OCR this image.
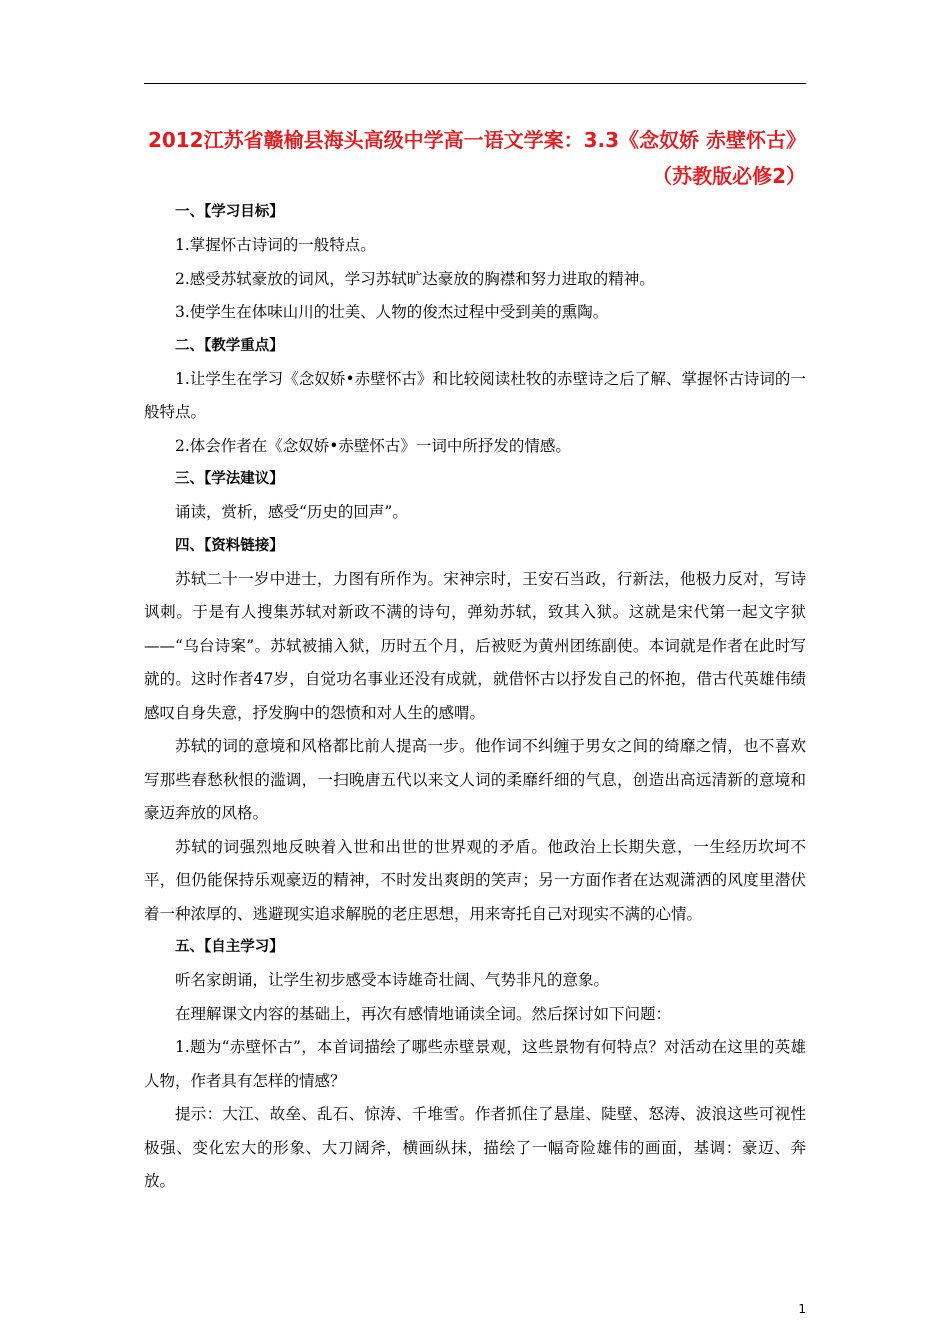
2012江苏省赣榆县海头高级中学高一语文学案：3.3《念奴娇 赤壁怀古》（苏教版必修2）

一、【学习目标】

1.掌握怀古诗词的一般特点。

2.感受苏轼豪放的词风，学习苏轼旷达豪放的胸襟和努力进取的精神。

3.使学生在体味山川的壮美、人物的俊杰过程中受到美的熏陶。

二、【教学重点】

1.让学生在学习《念奴娇•赤壁怀古》和比较阅读杜牧的赤壁诗之后了解、掌握怀古诗词的一般特点。

2.体会作者在《念奴娇•赤壁怀古》一词中所抒发的情感。

三、【学法建议】

诵读，赏析，感受“历史的回声”。

四、【资料链接】

苏轼二十一岁中进士，力图有所作为。宋神宗时，王安石当政，行新法，他极力反对，写诗讽刺。于是有人搜集苏轼对新政不满的诗句，弹劾苏轼，致其入狱。这就是宋代第一起文字狱——“乌台诗案”。苏轼被捕入狱，历时五个月，后被贬为黄州团练副使。本词就是作者在此时写就的。这时作者47岁，自觉功名事业还没有成就，就借怀古以抒发自己的怀抱，借古代英雄伟绩感叹自身失意，抒发胸中的怨愤和对人生的感喟。

苏轼的词的意境和风格都比前人提高一步。他作词不纠缠于男女之间的绮靡之情，也不喜欢写那些春愁秋恨的滥调，一扫晚唐五代以来文人词的柔靡纤细的气息，创造出高远清新的意境和豪迈奔放的风格。

苏轼的词强烈地反映着入世和出世的世界观的矛盾。他政治上长期失意，一生经历坎坷不平，但仍能保持乐观豪迈的精神，不时发出爽朗的笑声；另一方面作者在达观潇洒的风度里潜伏着一种浓厚的、逃避现实追求解脱的老庄思想，用来寄托自己对现实不满的心情。

五、【自主学习】

听名家朗诵，让学生初步感受本诗雄奇壮阔、气势非凡的意象。

在理解课文内容的基础上，再次有感情地诵读全词。然后探讨如下问题：

1.题为“赤壁怀古”，本首词描绘了哪些赤壁景观，这些景物有何特点？对活动在这里的英雄人物，作者具有怎样的情感？

提示：大江、故垒、乱石、惊涛、千堆雪。作者抓住了悬崖、陡壁、怒涛、波浪这些可视性极强、变化宏大的形象、大刀阔斧，横画纵抹，描绘了一幅奇险雄伟的画面，基调：豪迈、奔放。

1
